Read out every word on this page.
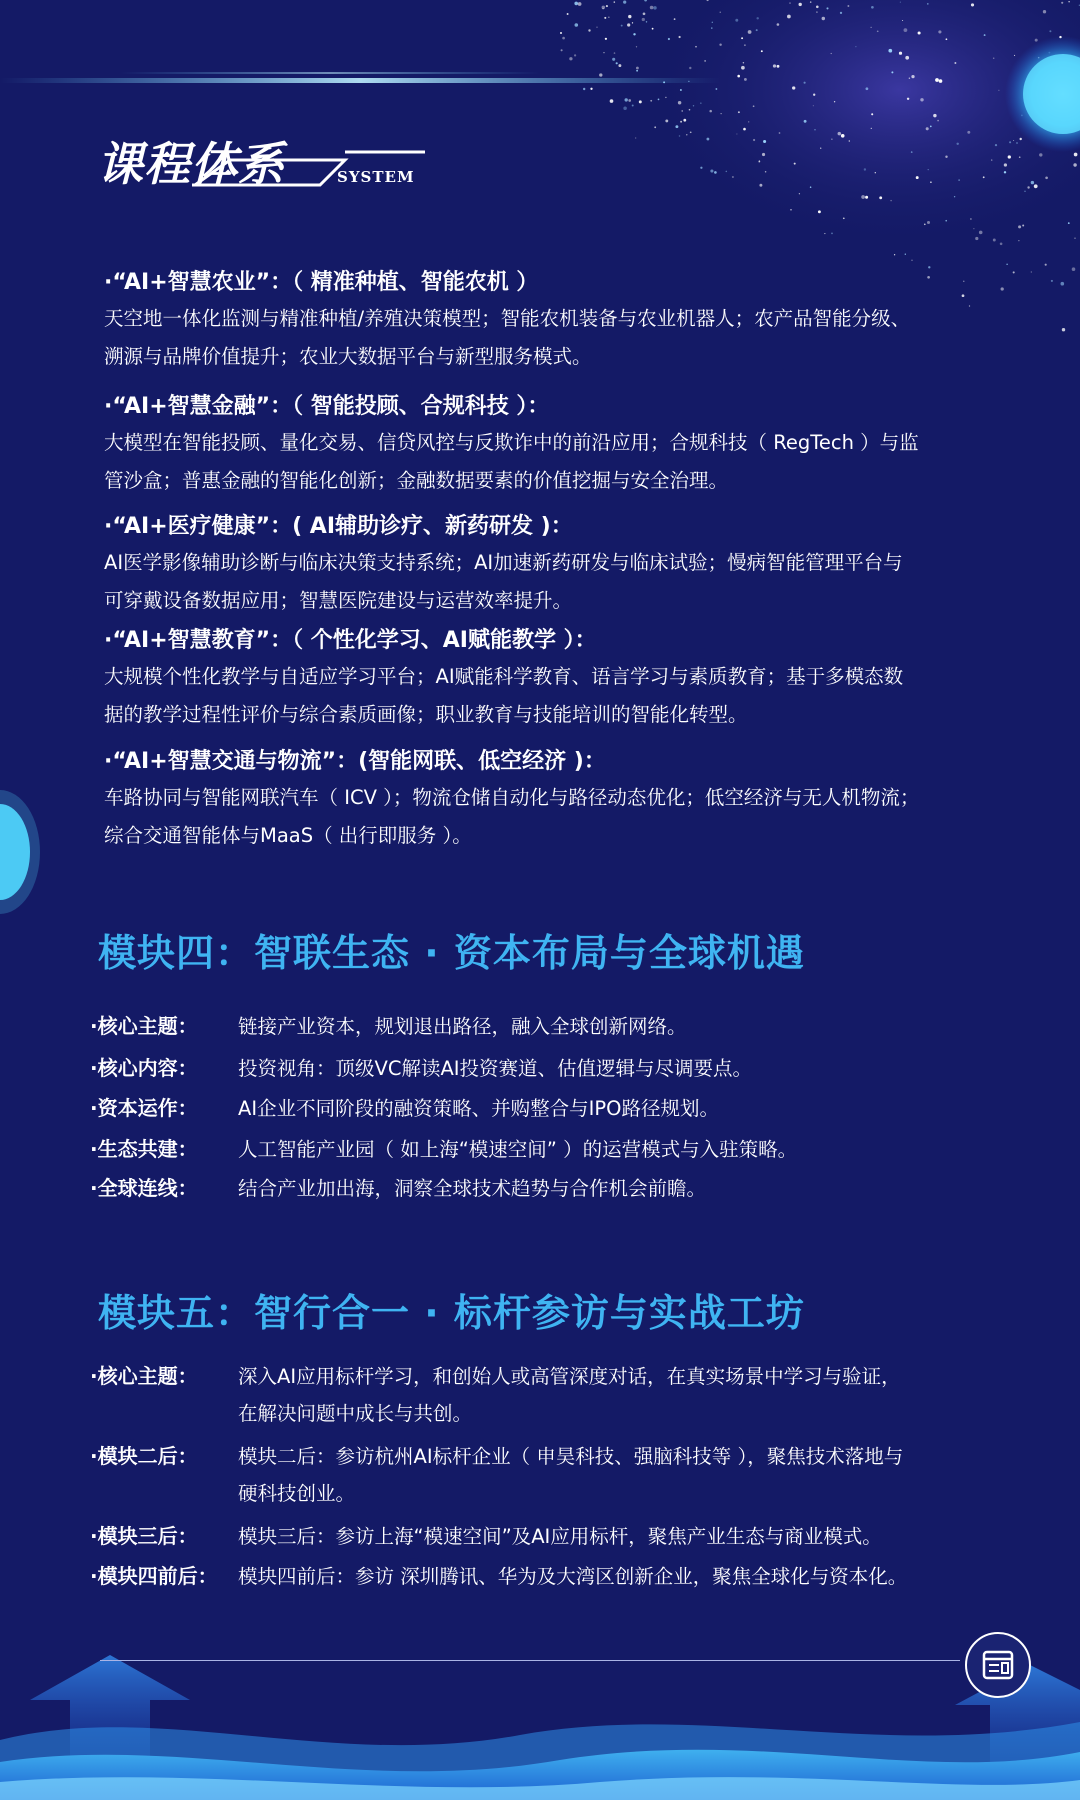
课程体系	SYSTEM
·“AI+智慧农业”：（ 精准种植、智能农机 ）
天空地一体化监测与精准种植/养殖决策模型；智能农机装备与农业机器人；农产品智能分级、
溯源与品牌价值提升；农业大数据平台与新型服务模式。
·“AI+智慧金融”：（ 智能投顾、合规科技 ）：
大模型在智能投顾、量化交易、信贷风控与反欺诈中的前沿应用；合规科技（ RegTech ）与监
管沙盒；普惠金融的智能化创新；金融数据要素的价值挖掘与安全治理。
·“AI+医疗健康”：( AI辅助诊疗、新药研发 )：
AI医学影像辅助诊断与临床决策支持系统；AI加速新药研发与临床试验；慢病智能管理平台与
可穿戴设备数据应用；智慧医院建设与运营效率提升。
·“AI+智慧教育”：（ 个性化学习、AI赋能教学 ）：
大规模个性化教学与自适应学习平台；AI赋能科学教育、语言学习与素质教育；基于多模态数
据的教学过程性评价与综合素质画像；职业教育与技能培训的智能化转型。
·“AI+智慧交通与物流”：(智能网联、低空经济 )：
车路协同与智能网联汽车（ ICV ）；物流仓储自动化与路径动态优化；低空经济与无人机物流；
综合交通智能体与MaaS（ 出行即服务 ）。
模块四：智联生态 · 资本布局与全球机遇
·核心主题： 链接产业资本，规划退出路径，融入全球创新网络。
·核心内容： 投资视角：顶级VC解读AI投资赛道、估值逻辑与尽调要点。
·资本运作： AI企业不同阶段的融资策略、并购整合与IPO路径规划。
·生态共建： 人工智能产业园（ 如上海“模速空间” ）的运营模式与入驻策略。
·全球连线： 结合产业加出海，洞察全球技术趋势与合作机会前瞻。
模块五：智行合一 · 标杆参访与实战工坊
·核心主题： 深入AI应用标杆学习，和创始人或高管深度对话，在真实场景中学习与验证，
在解决问题中成长与共创。
·模块二后： 模块二后：参访杭州AI标杆企业（ 申昊科技、强脑科技等 ），聚焦技术落地与
硬科技创业。
·模块三后： 模块三后：参访上海“模速空间”及AI应用标杆，聚焦产业生态与商业模式。
·模块四前后： 模块四前后：参访 深圳腾讯、华为及大湾区创新企业，聚焦全球化与资本化。
